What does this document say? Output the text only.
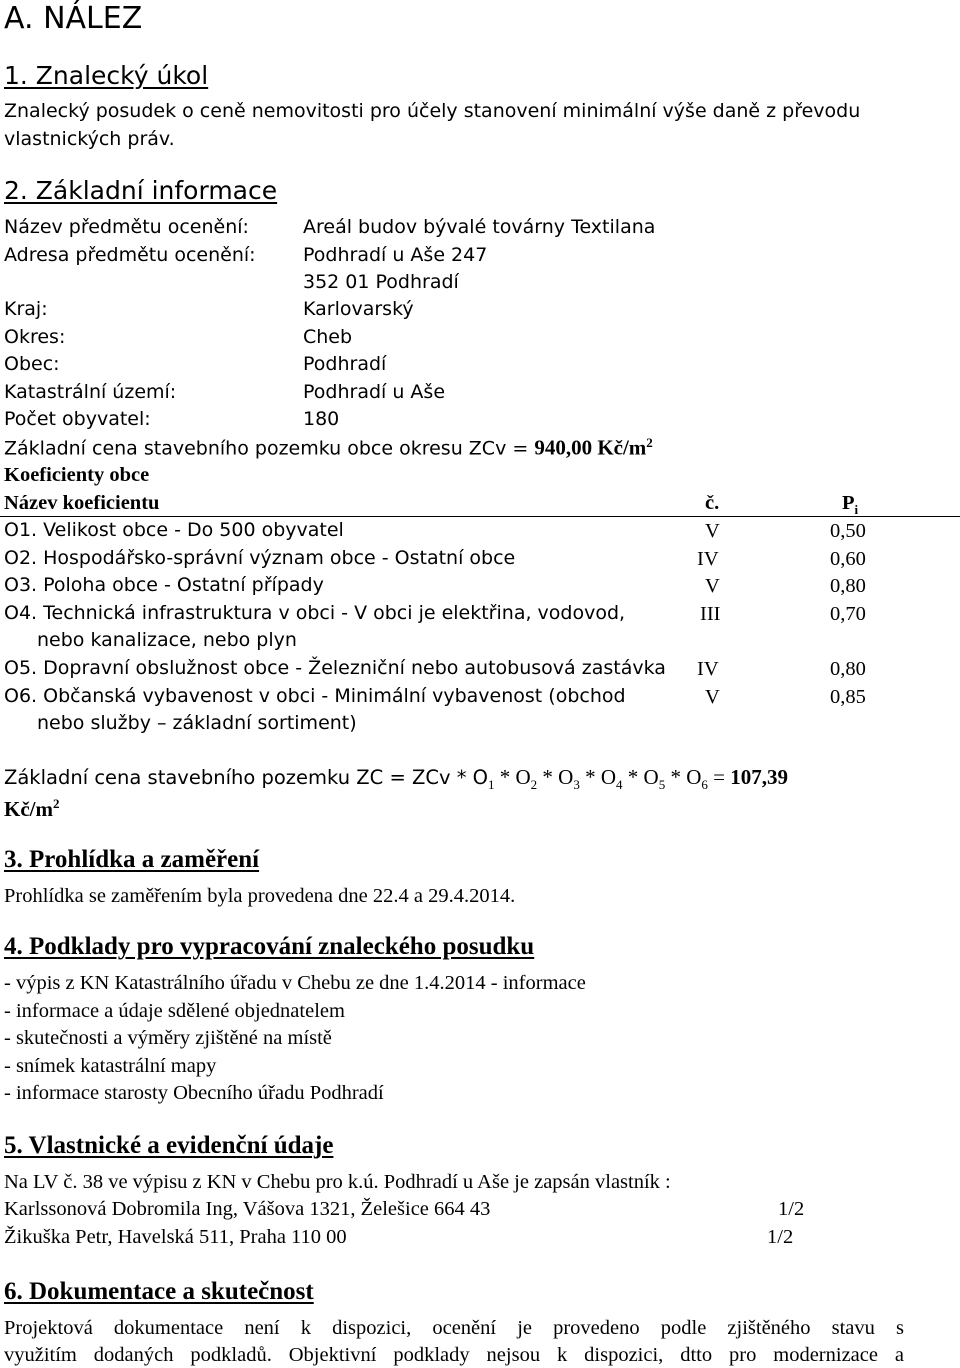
A. NÁLEZ
1. Znalecký úkol
Znalecký posudek o ceně nemovitosti pro účely stanovení minimální výše daně z převodu
vlastnických práv.
2. Základní informace
Název předmětu ocenění:	Areál budov bývalé továrny Textilana
Adresa předmětu ocenění: Podhradí u Aše 247
352 01 Podhradí
Kraj:	Karlovarský
Okres:	Cheb
Obec:	Podhradí
Katastrální území:	Podhradí u Aše
Počet obyvatel:	180
Základní cena stavebního pozemku obce okresu ZCv = 940,00 $Kč/m^2$
Koeficienty obce
Název koeficientu	č.	$P_i$
O1. Velikost obce - Do 500 obyvatel	V	0,50
O2. Hospodářsko-správní význam obce - Ostatní obce	IV	0,60
O3. Poloha obce - Ostatní případy	V	0,80
O4. Technická infrastruktura v obci - V obci je elektřina, vodovod,
nebo kanalizace, nebo plyn
III	0,70
O5. Dopravní obslužnost obce - Železniční nebo autobusová zastávka IV	0,80
O6. Občanská vybavenost v obci - Minimální vybavenost (obchod
nebo služby – základní sortiment)
V	0,85
Základní cena stavebního pozemku ZC = ZCv * $O_1 * O_2 * O_3 * O_4 * O_5 * O_6 = 107,39$
$Kč/m^2$
3. Prohlídka a zaměření
Prohlídka se zaměřením byla provedena dne 22.4 a 29.4.2014.
4. Podklady pro vypracování znaleckého posudku
- výpis z KN Katastrálního úřadu v Chebu ze dne 1.4.2014 - informace
- informace a údaje sdělené objednatelem
- skutečnosti a výměry zjištěné na místě
- snímek katastrální mapy
- informace starosty Obecního úřadu Podhradí
5. Vlastnické a evidenční údaje
Na LV č. 38 ve výpisu z KN v Chebu pro k.ú. Podhradí u Aše je zapsán vlastník :
Karlssonová Dobromila Ing, Vášova 1321, Želešice 664 43	1/2
Žikuška Petr, Havelská 511, Praha 110 00	1/2
6. Dokumentace a skutečnost
Projektová dokumentace není k dispozici, ocenění je provedeno podle zjištěného stavu s
využitím dodaných podkladů. Objektivní podklady nejsou k dispozici, dtto pro modernizace a
